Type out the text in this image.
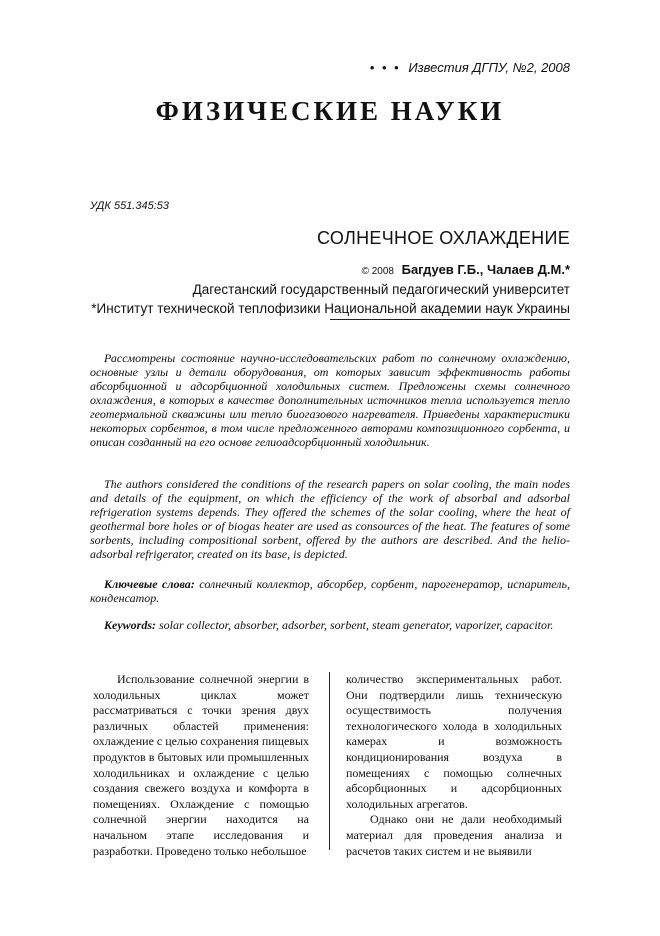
• • • Известия ДГПУ, №2, 2008
ФИЗИЧЕСКИЕ НАУКИ
УДК 551.345:53
СОЛНЕЧНОЕ ОХЛАЖДЕНИЕ
© 2008 Багдуев Г.Б., Чалаев Д.М.*
Дагестанский государственный педагогический университет
*Институт технической теплофизики Национальной академии наук Украины
Рассмотрены состояние научно-исследовательских работ по солнечному охлаждению, основные узлы и детали оборудования, от которых зависит эффективность работы абсорбционной и адсорбционной холодильных систем. Предложены схемы солнечного охлаждения, в которых в качестве дополнительных источников тепла используется тепло геотермальной скважины или тепло биогазового нагревателя. Приведены характеристики некоторых сорбентов, в том числе предложенного авторами композиционного сорбента, и описан созданный на его основе гелиоадсорбционный холодильник.
The authors considered the conditions of the research papers on solar cooling, the main nodes and details of the equipment, on which the efficiency of the work of absorbal and adsorbal refrigeration systems depends. They offered the schemes of the solar cooling, where the heat of geothermal bore holes or of biogas heater are used as consources of the heat. The features of some sorbents, including compositional sorbent, offered by the authors are described. And the helio-adsorbal refrigerator, created on its base, is depicted.
Ключевые слова: солнечный коллектор, абсорбер, сорбент, парогенератор, испаритель, конденсатор.
Keywords: solar collector, absorber, adsorber, sorbent, steam generator, vaporizer, capacitor.

Использование солнечной энергии в холодильных циклах может рассматриваться с точки зрения двух различных областей применения: охлаждение с целью сохранения пищевых продуктов в бытовых или промышленных холодильниках и охлаждение с целью создания свежего воздуха и комфорта в помещениях. Охлаждение с помощью солнечной энергии находится на начальном этапе исследования и разработки. Проведено только небольшое

количество экспериментальных работ. Они подтвердили лишь техническую осуществимость получения технологического холода в холодильных камерах и возможность кондиционирования воздуха в помещениях с помощью солнечных абсорбционных и адсорбционных холодильных агрегатов.

Однако они не дали необходимый материал для проведения анализа и расчетов таких систем и не выявили
